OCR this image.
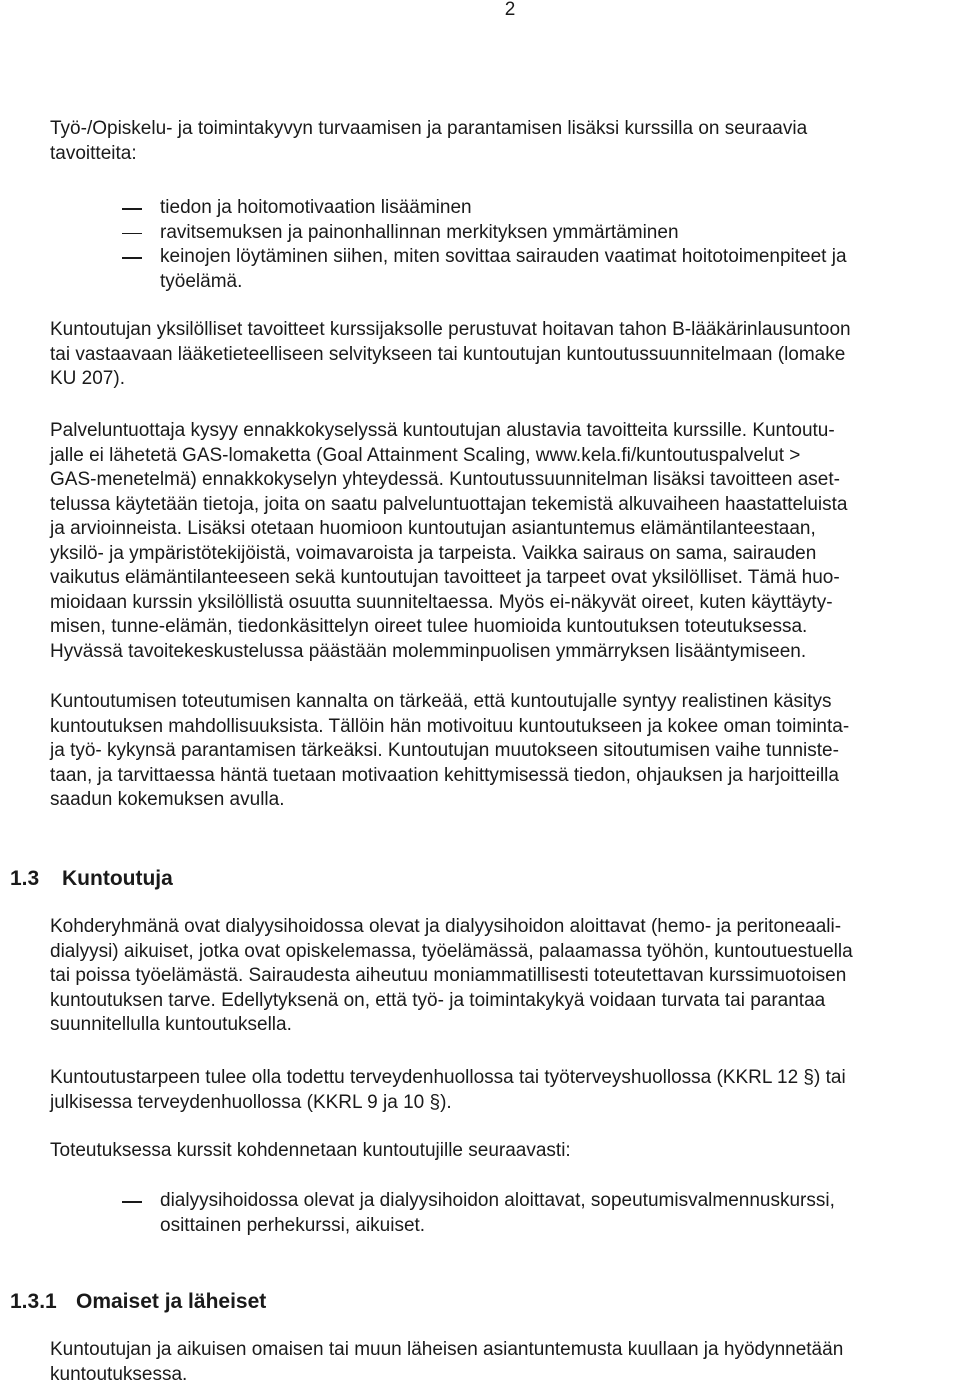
2

Työ-/Opiskelu- ja toimintakyvyn turvaamisen ja parantamisen lisäksi kurssilla on seuraavia

tavoitteita:

tiedon ja hoitomotivaation lisääminen
ravitsemuksen ja painonhallinnan merkityksen ymmärtäminen
keinojen löytäminen siihen, miten sovittaa sairauden vaatimat hoitotoimenpiteet ja
työelämä.

Kuntoutujan yksilölliset tavoitteet kurssijaksolle perustuvat hoitavan tahon B-lääkärinlausuntoon

tai vastaavaan lääketieteelliseen selvitykseen tai kuntoutujan kuntoutussuunnitelmaan (lomake

KU 207).

Palveluntuottaja kysyy ennakkokyselyssä kuntoutujan alustavia tavoitteita kurssille. Kuntoutu-

jalle ei lähetetä GAS-lomaketta (Goal Attainment Scaling, www.kela.fi/kuntoutuspalvelut >

GAS-menetelmä) ennakkokyselyn yhteydessä. Kuntoutussuunnitelman lisäksi tavoitteen aset-

telussa käytetään tietoja, joita on saatu palveluntuottajan tekemistä alkuvaiheen haastatteluista

ja arvioinneista. Lisäksi otetaan huomioon kuntoutujan asiantuntemus elämäntilanteestaan,

yksilö- ja ympäristötekijöistä, voimavaroista ja tarpeista. Vaikka sairaus on sama, sairauden

vaikutus elämäntilanteeseen sekä kuntoutujan tavoitteet ja tarpeet ovat yksilölliset. Tämä huo-

mioidaan kurssin yksilöllistä osuutta suunniteltaessa. Myös ei-näkyvät oireet, kuten käyttäyty-

misen, tunne-elämän, tiedonkäsittelyn oireet tulee huomioida kuntoutuksen toteutuksessa.

Hyvässä tavoitekeskustelussa päästään molemminpuolisen ymmärryksen lisääntymiseen.

Kuntoutumisen toteutumisen kannalta on tärkeää, että kuntoutujalle syntyy realistinen käsitys

kuntoutuksen mahdollisuuksista. Tällöin hän motivoituu kuntoutukseen ja kokee oman toiminta-

ja työ- kykynsä parantamisen tärkeäksi. Kuntoutujan muutokseen sitoutumisen vaihe tunniste-

taan, ja tarvittaessa häntä tuetaan motivaation kehittymisessä tiedon, ohjauksen ja harjoitteilla

saadun kokemuksen avulla.

1.3 Kuntoutuja

Kohderyhmänä ovat dialyysihoidossa olevat ja dialyysihoidon aloittavat (hemo- ja peritoneaali-

dialyysi) aikuiset, jotka ovat opiskelemassa, työelämässä, palaamassa työhön, kuntoutuestuella

tai poissa työelämästä. Sairaudesta aiheutuu moniammatillisesti toteutettavan kurssimuotoisen

kuntoutuksen tarve. Edellytyksenä on, että työ- ja toimintakykyä voidaan turvata tai parantaa

suunnitellulla kuntoutuksella.

Kuntoutustarpeen tulee olla todettu terveydenhuollossa tai työterveyshuollossa (KKRL 12 §) tai

julkisessa terveydenhuollossa (KKRL 9 ja 10 §).

Toteutuksessa kurssit kohdennetaan kuntoutujille seuraavasti:

dialyysihoidossa olevat ja dialyysihoidon aloittavat, sopeutumisvalmennuskurssi,
osittainen perhekurssi, aikuiset.
1.3.1 Omaiset ja läheiset

Kuntoutujan ja aikuisen omaisen tai muun läheisen asiantuntemusta kuullaan ja hyödynnetään

kuntoutuksessa.
